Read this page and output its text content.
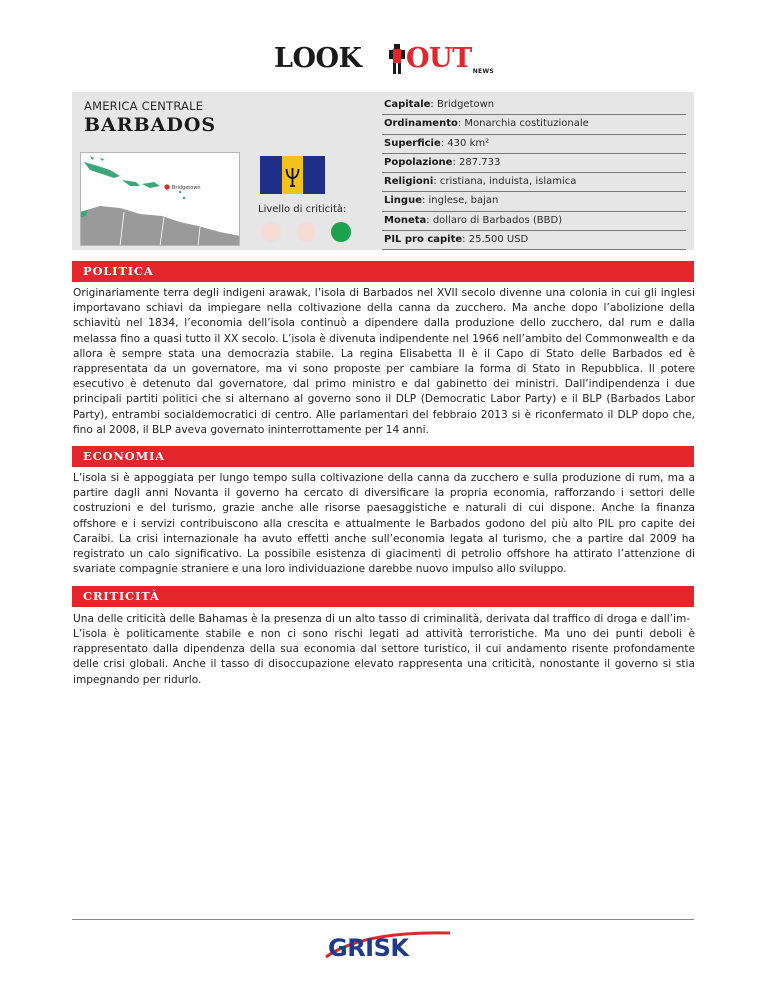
LOOK OUT NEWS
AMERICA CENTRALE
BARBADOS
Bridgetown
Livello di criticità:
Capitale: Bridgetown
Ordinamento: Monarchia costituzionale
Superficie: 430 km²
Popolazione: 287.733
Religioni: cristiana, induista, islamica
Lingue: inglese, bajan
Moneta: dollaro di Barbados (BBD)
PIL pro capite: 25.500 USD
POLITICA

Originariamente terra degli indigeni arawak, l’isola di Barbados nel XVII secolo divenne una colonia in cui gli inglesi importavano schiavi da impiegare nella coltivazione della canna da zucchero. Ma anche dopo l’abolizione della schiavitù nel 1834, l’economia dell’isola continuò a dipendere dalla produzione dello zucchero, dal rum e dalla melassa fino a quasi tutto il XX secolo. L’isola è divenuta indipendente nel 1966 nell’ambito del Commonwealth e da allora è sempre stata una democrazia stabile. La regina Elisabetta II è il Capo di Stato delle Barbados ed è rappresentata da un governatore, ma vi sono proposte per cambiare la forma di Stato in Repubblica. Il potere esecutivo è detenuto dal governatore, dal primo ministro e dal gabinetto dei ministri. Dall’indipendenza i due principali partiti politici che si alternano al governo sono il DLP (Democratic Labor Party) e il BLP (Barbados Labor Party), entrambi socialdemocratici di centro. Alle parlamentari del febbraio 2013 si è riconfermato il DLP dopo che, fino al 2008, il BLP aveva governato ininterrottamente per 14 anni.

ECONOMIA

L’isola si è appoggiata per lungo tempo sulla coltivazione della canna da zucchero e sulla produzione di rum, ma a partire dagli anni Novanta il governo ha cercato di diversificare la propria economia, rafforzando i settori delle costruzioni e del turismo, grazie anche alle risorse paesaggistiche e naturali di cui dispone. Anche la finanza offshore e i servizi contribuiscono alla crescita e attualmente le Barbados godono del più alto PIL pro capite dei Caraibi. La crisi internazionale ha avuto effetti anche sull’economia legata al turismo, che a partire dal 2009 ha registrato un calo significativo. La possibile esistenza di giacimenti di petrolio offshore ha attirato l’attenzione di svariate compagnie straniere e una loro individuazione darebbe nuovo impulso allo sviluppo.

CRITICITÀ

Una delle criticità delle Bahamas è la presenza di un alto tasso di criminalità, derivata dal traffico di droga e dall’im-

L’isola è politicamente stabile e non ci sono rischi legati ad attività terroristiche. Ma uno dei punti deboli è rappresentato dalla dipendenza della sua economia dal settore turistico, il cui andamento risente profondamente delle crisi globali. Anche il tasso di disoccupazione elevato rappresenta una criticità, nonostante il governo si stia impegnando per ridurlo.

GRISK
